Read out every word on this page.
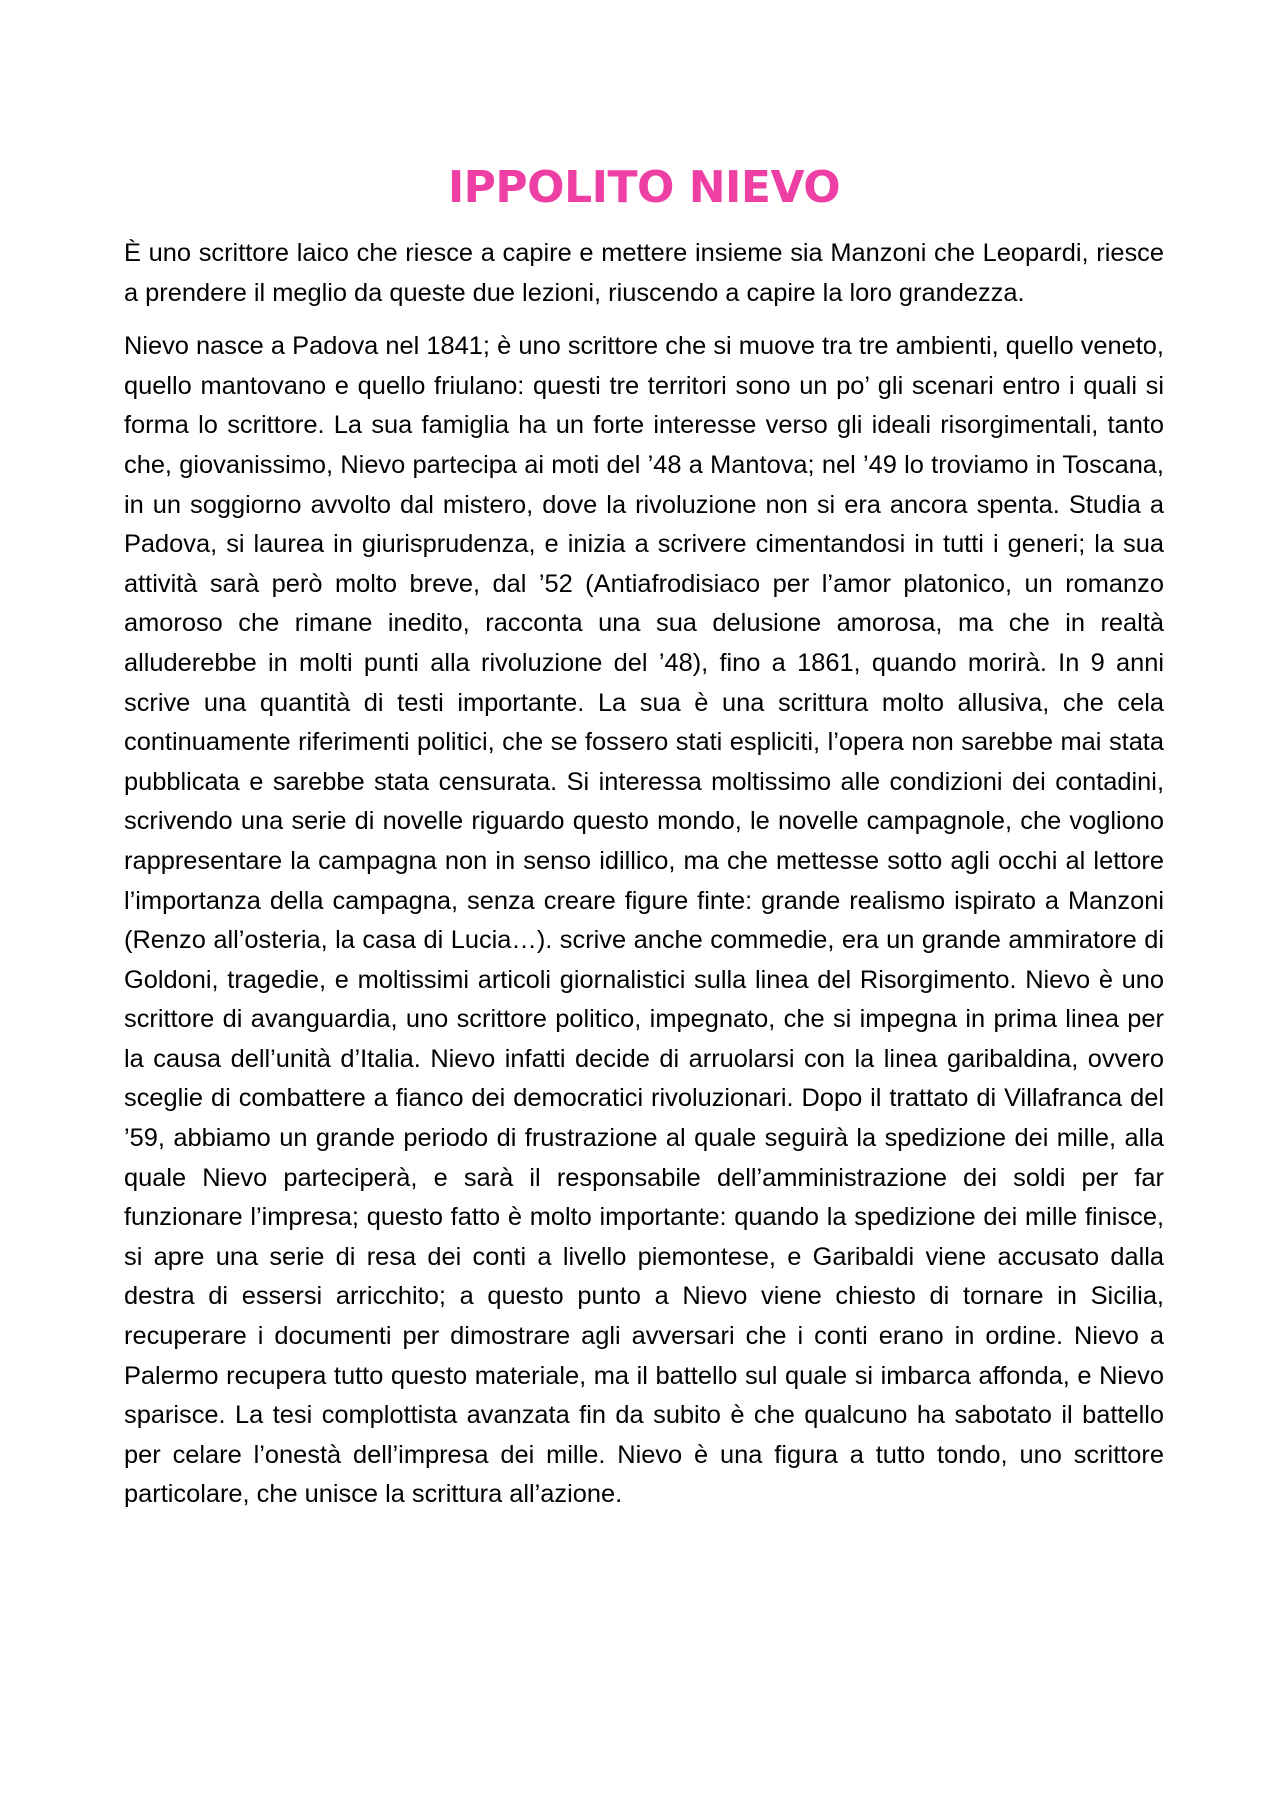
IPPOLITO NIEVO

È uno scrittore laico che riesce a capire e mettere insieme sia Manzoni che Leopardi, riesce a prendere il meglio da queste due lezioni, riuscendo a capire la loro grandezza.

Nievo nasce a Padova nel 1841; è uno scrittore che si muove tra tre ambienti, quello veneto, quello mantovano e quello friulano: questi tre territori sono un po’ gli scenari entro i quali si forma lo scrittore. La sua famiglia ha un forte interesse verso gli ideali risorgimentali, tanto che, giovanissimo, Nievo partecipa ai moti del ’48 a Mantova; nel ’49 lo troviamo in Toscana, in un soggiorno avvolto dal mistero, dove la rivoluzione non si era ancora spenta. Studia a Padova, si laurea in giurisprudenza, e inizia a scrivere cimentandosi in tutti i generi; la sua attività sarà però molto breve, dal ’52 (Antiafrodisiaco per l’amor platonico, un romanzo amoroso che rimane inedito, racconta una sua delusione amorosa, ma che in realtà alluderebbe in molti punti alla rivoluzione del ’48), fino a 1861, quando morirà. In 9 anni scrive una quantità di testi importante. La sua è una scrittura molto allusiva, che cela continuamente riferimenti politici, che se fossero stati espliciti, l’opera non sarebbe mai stata pubblicata e sarebbe stata censurata. Si interessa moltissimo alle condizioni dei contadini, scrivendo una serie di novelle riguardo questo mondo, le novelle campagnole, che vogliono rappresentare la campagna non in senso idillico, ma che mettesse sotto agli occhi al lettore l’importanza della campagna, senza creare figure finte: grande realismo ispirato a Manzoni (Renzo all’osteria, la casa di Lucia…). scrive anche commedie, era un grande ammiratore di Goldoni, tragedie, e moltissimi articoli giornalistici sulla linea del Risorgimento. Nievo è uno scrittore di avanguardia, uno scrittore politico, impegnato, che si impegna in prima linea per la causa dell’unità d’Italia. Nievo infatti decide di arruolarsi con la linea garibaldina, ovvero sceglie di combattere a fianco dei democratici rivoluzionari. Dopo il trattato di Villafranca del ’59, abbiamo un grande periodo di frustrazione al quale seguirà la spedizione dei mille, alla quale Nievo parteciperà, e sarà il responsabile dell’amministrazione dei soldi per far funzionare l’impresa; questo fatto è molto importante: quando la spedizione dei mille finisce, si apre una serie di resa dei conti a livello piemontese, e Garibaldi viene accusato dalla destra di essersi arricchito; a questo punto a Nievo viene chiesto di tornare in Sicilia, recuperare i documenti per dimostrare agli avversari che i conti erano in ordine. Nievo a Palermo recupera tutto questo materiale, ma il battello sul quale si imbarca affonda, e Nievo sparisce. La tesi complottista avanzata fin da subito è che qualcuno ha sabotato il battello per celare l’onestà dell’impresa dei mille. Nievo è una figura a tutto tondo, uno scrittore particolare, che unisce la scrittura all’azione.
